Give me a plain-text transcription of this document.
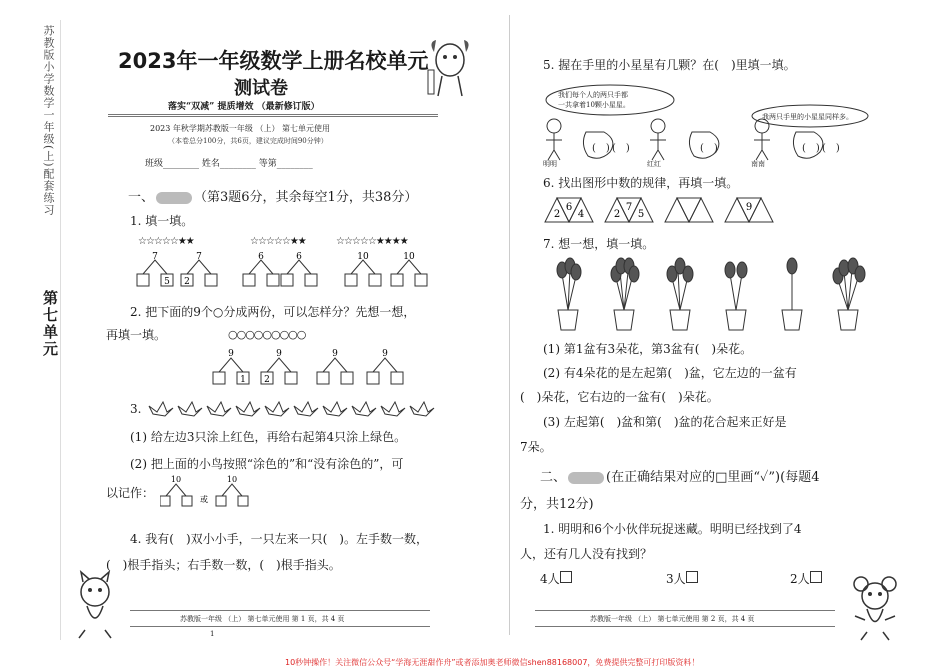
苏教版小学数学一年级(上)配套练习
第七单元
2023年一年级数学上册名校单元
测试卷
落实“双减” 提质增效 （最新修订版）
2023 年秋学期苏教版一年级 （上） 第七单元使用
（本卷总分100分，共6页，建议完成时间90分钟）
班级________ 姓名________ 等第________
一、	（第3题6分，其余每空1分，共38分）
1. 填一填。
☆☆☆☆☆★★	☆☆☆☆☆★★	☆☆☆☆☆★★★★
7	7	6	6	10	10
5 2
2. 把下面的9个○分成两份，可以怎样分？先想一想，
再填一填。	○○○○○○○○○
9	9	9	9
1 2
3.
(1) 给左边3只涂上红色，再给右起第4只涂上绿色。
(2) 把上面的小鸟按照“涂色的”和“没有涂色的”，可
以记作：
10	10
或
4. 我有(　)双小小手，一只左来一只(　)。左手数一数，
(　)根手指头；右手数一数，(　)根手指头。
苏教版一年级 （上） 第七单元使用 第 1 页，共 4 页
1
5. 握在手里的小星星有几颗？在(　)里填一填。
我们每个人的两只手都
一共拿着10颗小星星。
我两只手里的小星星同样多。
明明	红红	南南
(　) (　)	(　)	(　) (　)
6. 找出图形中数的规律，再填一填。
2
6
4	2
7
5
9
7. 想一想，填一填。
(1) 第1盆有3朵花，第3盆有(　)朵花。
(2) 有4朵花的是左起第(　)盆，它左边的一盆有
(　)朵花，它右边的一盆有(　)朵花。
(3) 左起第(　)盆和第(　)盆的花合起来正好是
7朵。
二、	(在正确结果对应的□里画“✓”)(每题4
分，共12分)
1. 明明和6个小伙伴玩捉迷藏。明明已经找到了4
人，还有几人没有找到？
4人	3人	2人
苏教版一年级 （上） 第七单元使用 第 2 页，共 4 页
10秒钟操作！关注微信公众号“学海无涯甜作舟”或者添加奥老师微信shen88168007，免费提供完整可打印版资料！
